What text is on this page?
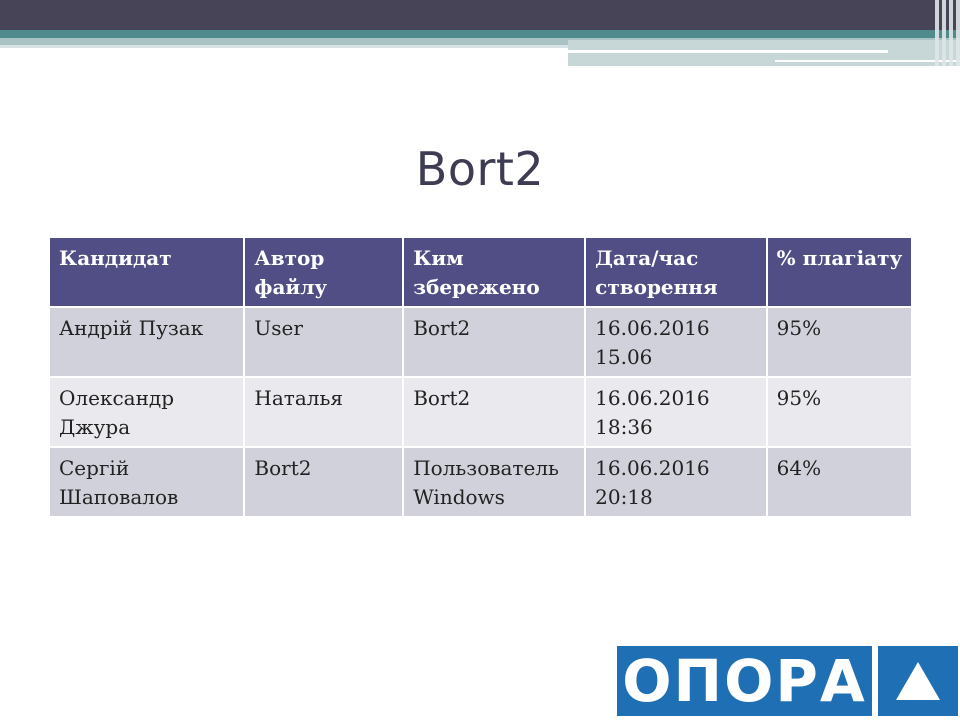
Bort2
Кандидат	Автор файлу	Ким збережено	Дата/час створення	% плагіату
Андрій Пузак	User	Bort2	16.06.2016 15.06	95%
Олександр Джура	Наталья	Bort2	16.06.2016 18:36	95%
Сергій Шаповалов	Bort2	Пользователь Windows	16.06.2016 20:18	64%
ОПОРА
